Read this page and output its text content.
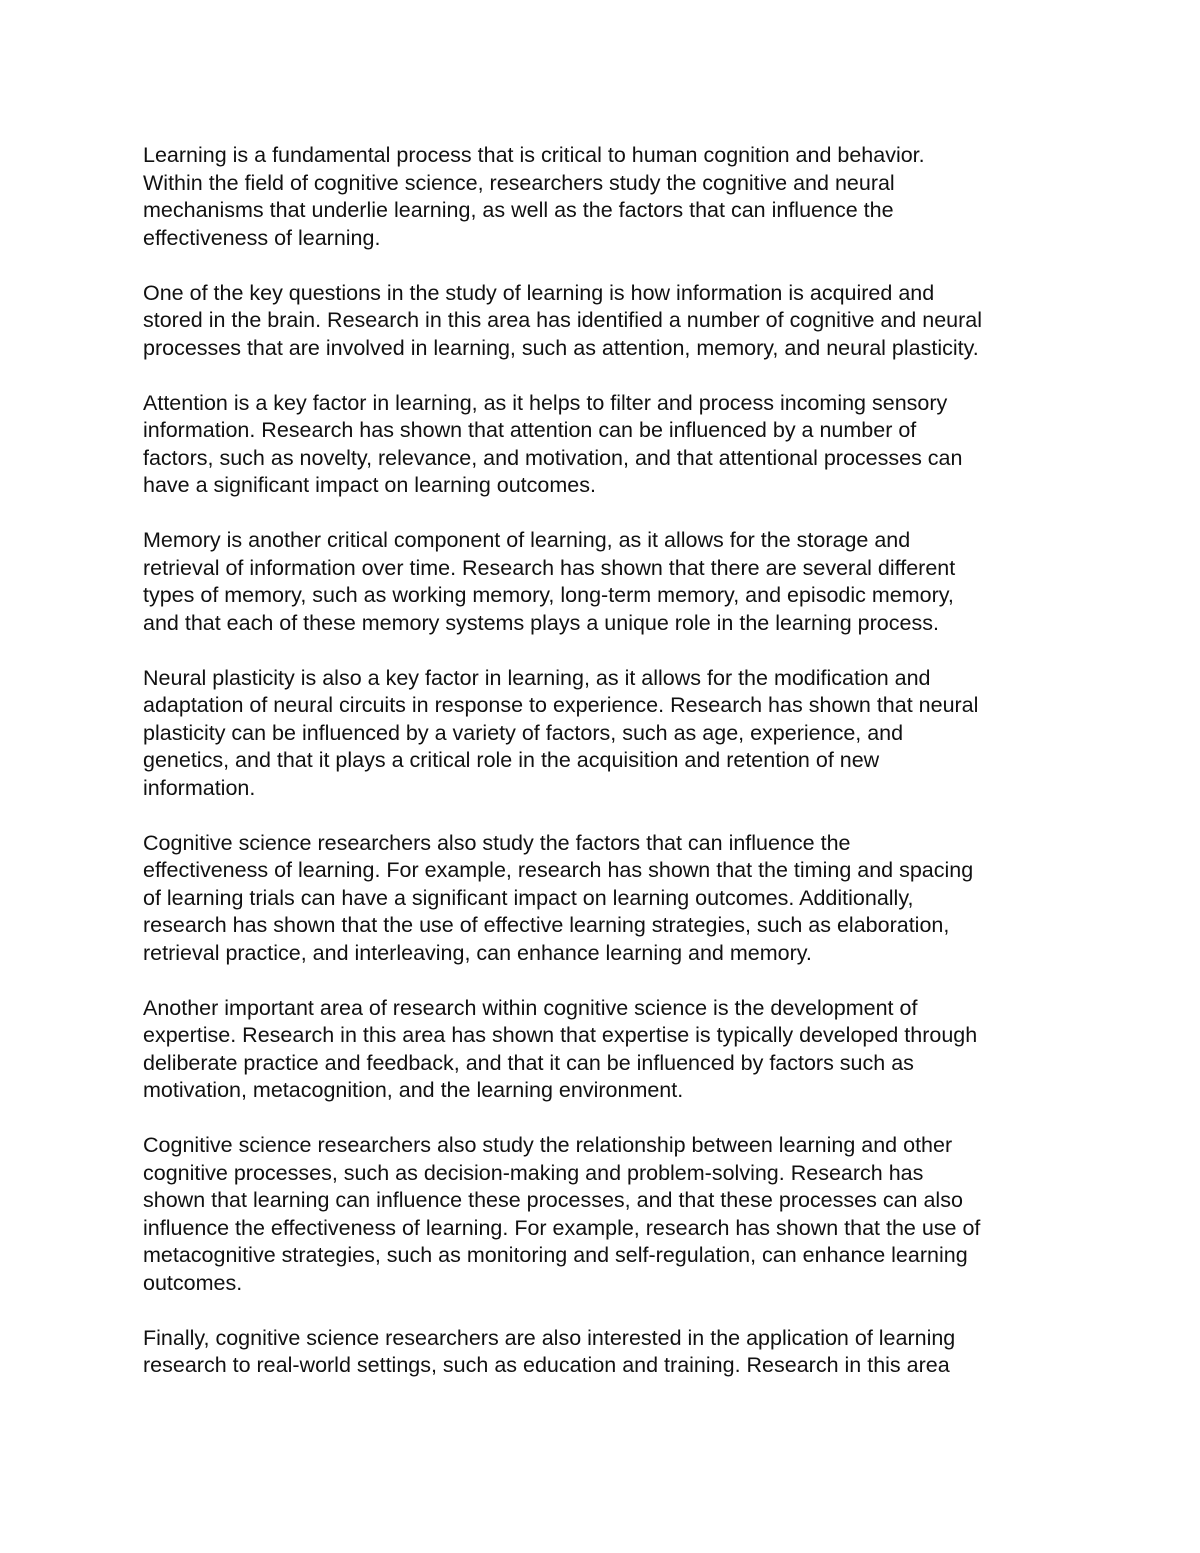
Learning is a fundamental process that is critical to human cognition and behavior.
Within the field of cognitive science, researchers study the cognitive and neural
mechanisms that underlie learning, as well as the factors that can influence the
effectiveness of learning.

One of the key questions in the study of learning is how information is acquired and
stored in the brain. Research in this area has identified a number of cognitive and neural
processes that are involved in learning, such as attention, memory, and neural plasticity.

Attention is a key factor in learning, as it helps to filter and process incoming sensory
information. Research has shown that attention can be influenced by a number of
factors, such as novelty, relevance, and motivation, and that attentional processes can
have a significant impact on learning outcomes.

Memory is another critical component of learning, as it allows for the storage and
retrieval of information over time. Research has shown that there are several different
types of memory, such as working memory, long-term memory, and episodic memory,
and that each of these memory systems plays a unique role in the learning process.

Neural plasticity is also a key factor in learning, as it allows for the modification and
adaptation of neural circuits in response to experience. Research has shown that neural
plasticity can be influenced by a variety of factors, such as age, experience, and
genetics, and that it plays a critical role in the acquisition and retention of new
information.

Cognitive science researchers also study the factors that can influence the
effectiveness of learning. For example, research has shown that the timing and spacing
of learning trials can have a significant impact on learning outcomes. Additionally,
research has shown that the use of effective learning strategies, such as elaboration,
retrieval practice, and interleaving, can enhance learning and memory.

Another important area of research within cognitive science is the development of
expertise. Research in this area has shown that expertise is typically developed through
deliberate practice and feedback, and that it can be influenced by factors such as
motivation, metacognition, and the learning environment.

Cognitive science researchers also study the relationship between learning and other
cognitive processes, such as decision-making and problem-solving. Research has
shown that learning can influence these processes, and that these processes can also
influence the effectiveness of learning. For example, research has shown that the use of
metacognitive strategies, such as monitoring and self-regulation, can enhance learning
outcomes.

Finally, cognitive science researchers are also interested in the application of learning
research to real-world settings, such as education and training. Research in this area
